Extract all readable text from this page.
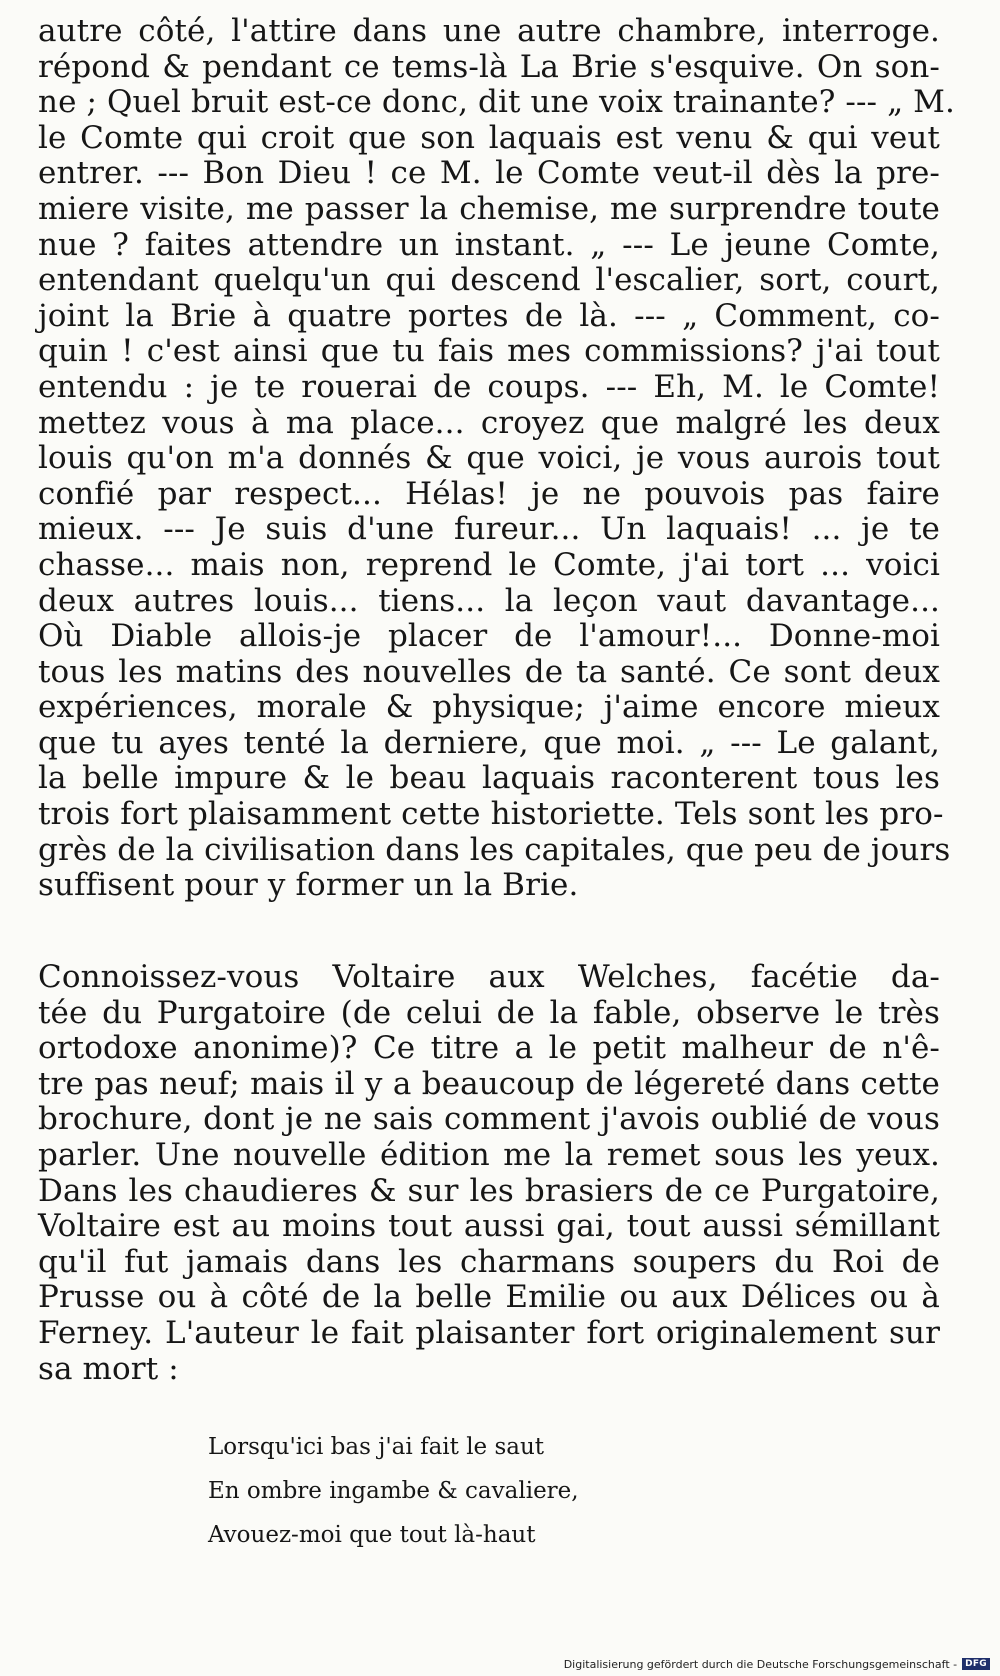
autre côté, l'attire dans une autre chambre, interroge.
répond & pendant ce tems-là La Brie s'esquive. On son-
ne ; Quel bruit est-ce donc, dit une voix trainante? --- „ M.
le Comte qui croit que son laquais est venu & qui veut
entrer. --- Bon Dieu ! ce M. le Comte veut-il dès la pre-
miere visite, me passer la chemise, me surprendre toute
nue ? faites attendre un instant. „ --- Le jeune Comte,
entendant quelqu'un qui descend l'escalier, sort, court,
joint la Brie à quatre portes de là. --- „ Comment, co-
quin ! c'est ainsi que tu fais mes commissions? j'ai tout
entendu : je te rouerai de coups. --- Eh, M. le Comte!
mettez vous à ma place... croyez que malgré les deux
louis qu'on m'a donnés & que voici, je vous aurois tout
confié par respect... Hélas! je ne pouvois pas faire
mieux. --- Je suis d'une fureur... Un laquais! ... je te
chasse... mais non, reprend le Comte, j'ai tort ... voici
deux autres louis... tiens... la leçon vaut davantage...
Où Diable allois-je placer de l'amour!... Donne-moi
tous les matins des nouvelles de ta santé. Ce sont deux
expériences, morale & physique; j'aime encore mieux
que tu ayes tenté la derniere, que moi. „ --- Le galant,
la belle impure & le beau laquais raconterent tous les
trois fort plaisamment cette historiette. Tels sont les pro-
grès de la civilisation dans les capitales, que peu de jours
suffisent pour y former un la Brie.
Connoissez-vous Voltaire aux Welches, facétie da-
tée du Purgatoire (de celui de la fable, observe le très
ortodoxe anonime)? Ce titre a le petit malheur de n'ê-
tre pas neuf; mais il y a beaucoup de légereté dans cette
brochure, dont je ne sais comment j'avois oublié de vous
parler. Une nouvelle édition me la remet sous les yeux.
Dans les chaudieres & sur les brasiers de ce Purgatoire,
Voltaire est au moins tout aussi gai, tout aussi sémillant
qu'il fut jamais dans les charmans soupers du Roi de
Prusse ou à côté de la belle Emilie ou aux Délices ou à
Ferney. L'auteur le fait plaisanter fort originalement sur
sa mort :
Lorsqu'ici bas j'ai fait le saut
En ombre ingambe & cavaliere,
Avouez-moi que tout là-haut
Digitalisierung gefördert durch die Deutsche Forschungsgemeinschaft - DFG
